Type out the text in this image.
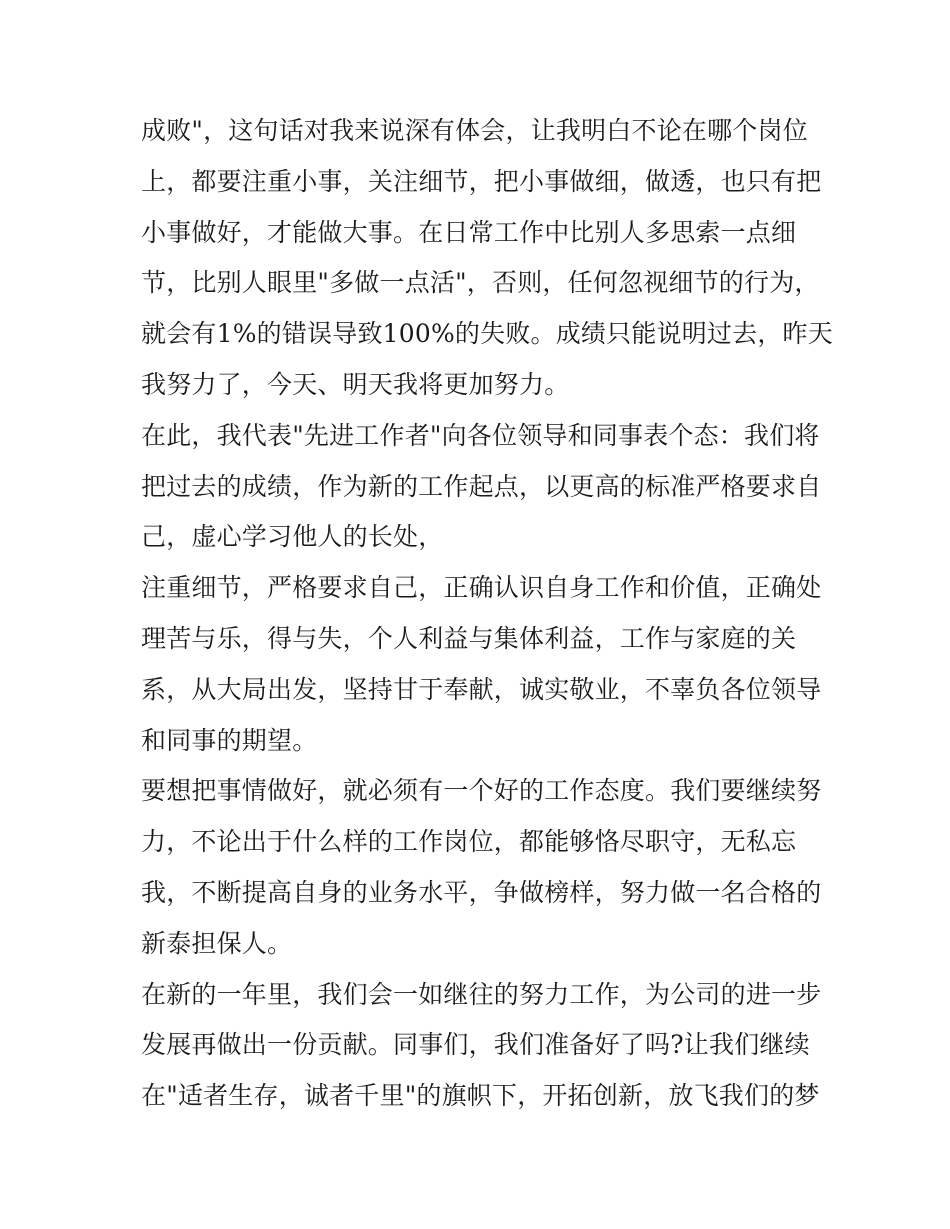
成败"，这句话对我来说深有体会，让我明白不论在哪个岗位
上，都要注重小事，关注细节，把小事做细，做透，也只有把
小事做好，才能做大事。在日常工作中比别人多思索一点细
节，比别人眼里"多做一点活"，否则，任何忽视细节的行为，
就会有1%的错误导致100%的失败。成绩只能说明过去，昨天
我努力了，今天、明天我将更加努力。
在此，我代表"先进工作者"向各位领导和同事表个态：我们将
把过去的成绩，作为新的工作起点，以更高的标准严格要求自
己，虚心学习他人的长处，
注重细节，严格要求自己，正确认识自身工作和价值，正确处
理苦与乐，得与失，个人利益与集体利益，工作与家庭的关
系，从大局出发，坚持甘于奉献，诚实敬业，不辜负各位领导
和同事的期望。
要想把事情做好，就必须有一个好的工作态度。我们要继续努
力，不论出于什么样的工作岗位，都能够恪尽职守，无私忘
我，不断提高自身的业务水平，争做榜样，努力做一名合格的
新泰担保人。
在新的一年里，我们会一如继往的努力工作，为公司的进一步
发展再做出一份贡献。同事们，我们准备好了吗?让我们继续
在"适者生存，诚者千里"的旗帜下，开拓创新，放飞我们的梦
